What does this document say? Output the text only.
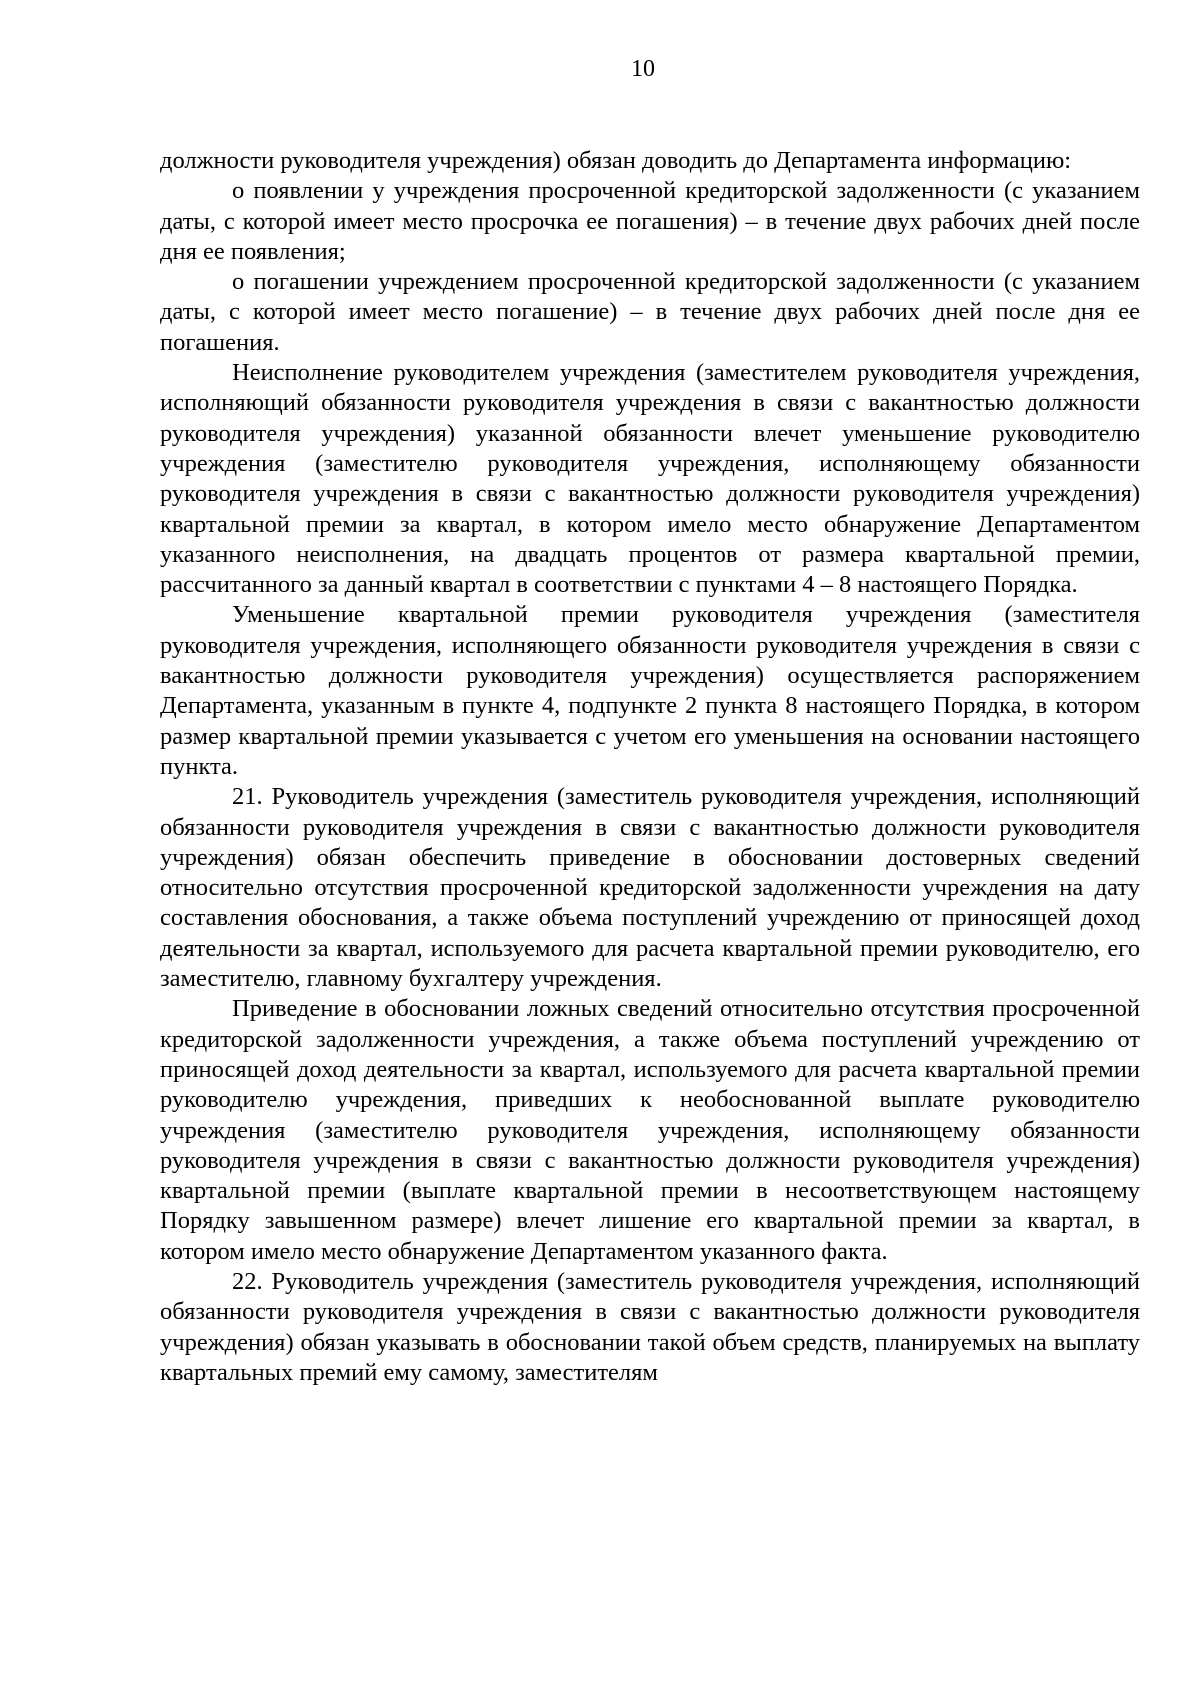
10

должности руководителя учреждения) обязан доводить до Департамента информацию:

о появлении у учреждения просроченной кредиторской задолженности (с указанием даты, с которой имеет место просрочка ее погашения) – в течение двух рабочих дней после дня ее появления;

о погашении учреждением просроченной кредиторской задолженности (с указанием даты, с которой имеет место погашение) – в течение двух рабочих дней после дня ее погашения.

Неисполнение руководителем учреждения (заместителем руководителя учреждения, исполняющий обязанности руководителя учреждения в связи с вакантностью должности руководителя учреждения) указанной обязанности влечет уменьшение руководителю учреждения (заместителю руководителя учреждения, исполняющему обязанности руководителя учреждения в связи с вакантностью должности руководителя учреждения) квартальной премии за квартал, в котором имело место обнаружение Департаментом указанного неисполнения, на двадцать процентов от размера квартальной премии, рассчитанного за данный квартал в соответствии с пунктами 4 – 8 настоящего Порядка.

Уменьшение квартальной премии руководителя учреждения (заместителя руководителя учреждения, исполняющего обязанности руководителя учреждения в связи с вакантностью должности руководителя учреждения) осуществляется распоряжением Департамента, указанным в пункте 4, подпункте 2 пункта 8 настоящего Порядка, в котором размер квартальной премии указывается с учетом его уменьшения на основании настоящего пункта.

21. Руководитель учреждения (заместитель руководителя учреждения, исполняющий обязанности руководителя учреждения в связи с вакантностью должности руководителя учреждения) обязан обеспечить приведение в обосновании достоверных сведений относительно отсутствия просроченной кредиторской задолженности учреждения на дату составления обоснования, а также объема поступлений учреждению от приносящей доход деятельности за квартал, используемого для расчета квартальной премии руководителю, его заместителю, главному бухгалтеру учреждения.

Приведение в обосновании ложных сведений относительно отсутствия просроченной кредиторской задолженности учреждения, а также объема поступлений учреждению от приносящей доход деятельности за квартал, используемого для расчета квартальной премии руководителю учреждения, приведших к необоснованной выплате руководителю учреждения (заместителю руководителя учреждения, исполняющему обязанности руководителя учреждения в связи с вакантностью должности руководителя учреждения) квартальной премии (выплате квартальной премии в несоответствующем настоящему Порядку завышенном размере) влечет лишение его квартальной премии за квартал, в котором имело место обнаружение Департаментом указанного факта.

22. Руководитель учреждения (заместитель руководителя учреждения, исполняющий обязанности руководителя учреждения в связи с вакантностью должности руководителя учреждения) обязан указывать в обосновании такой объем средств, планируемых на выплату квартальных премий ему самому, заместителям
